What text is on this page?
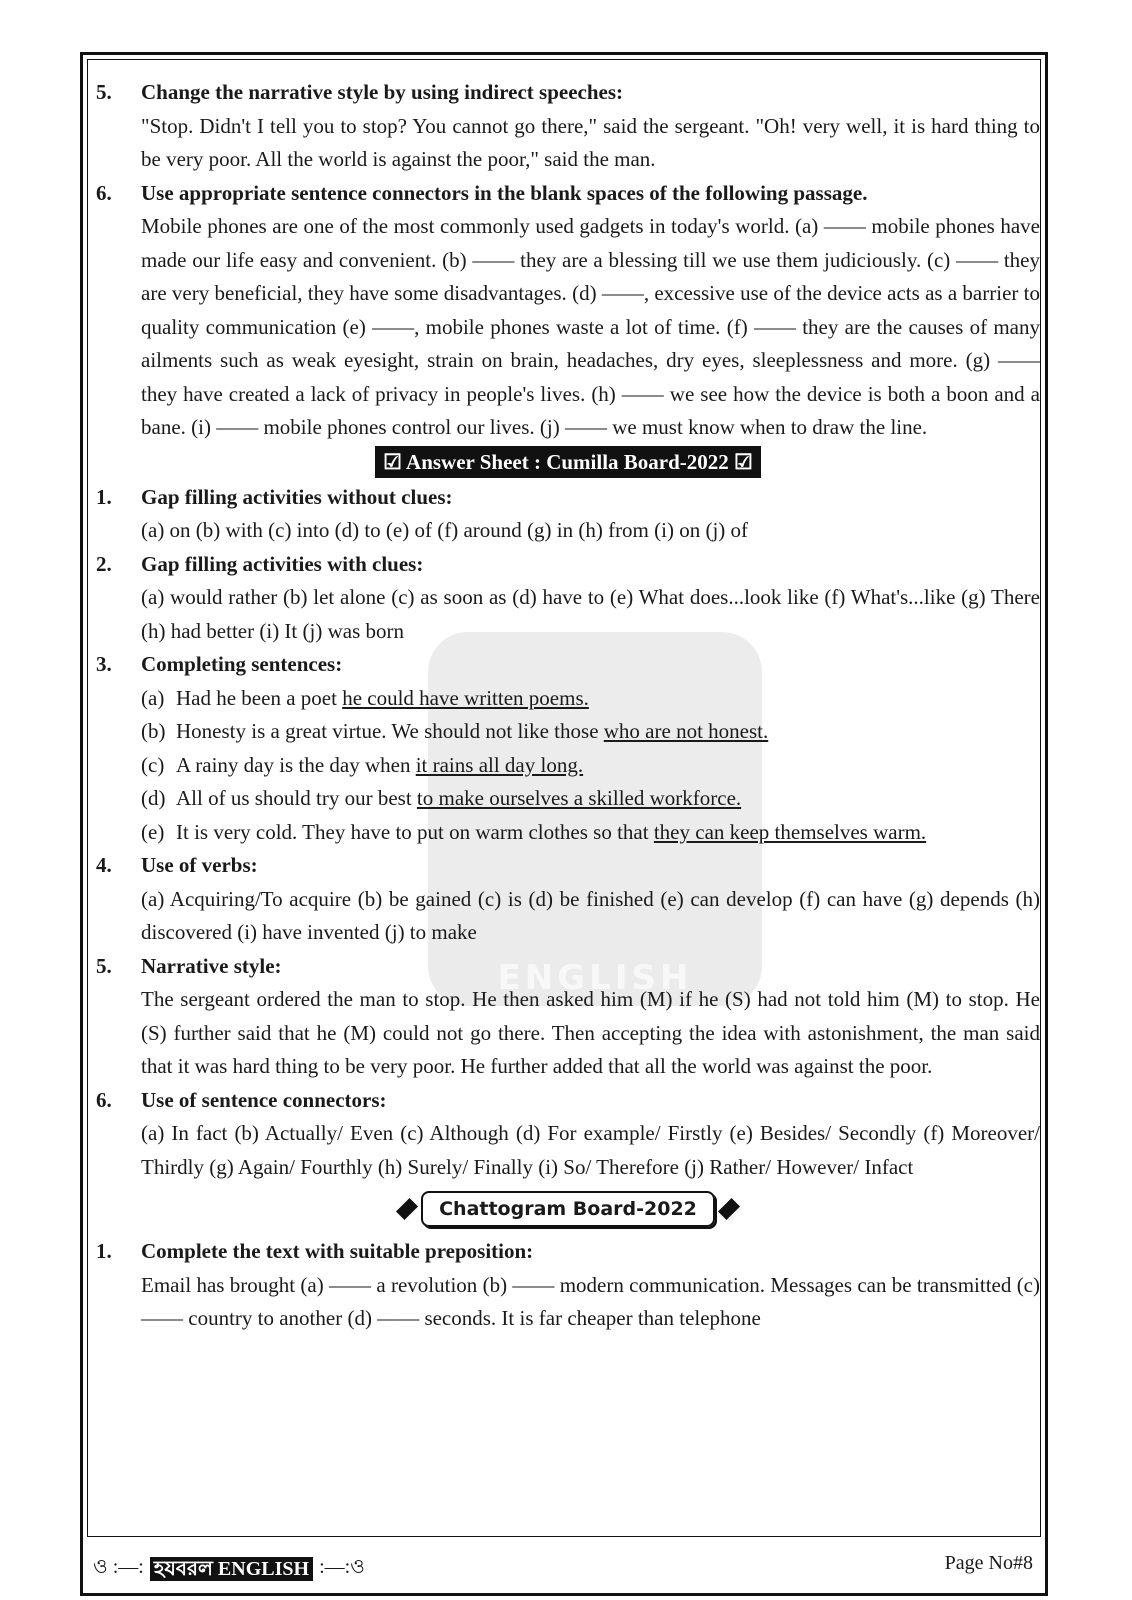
ENGLISH
5. Change the narrative style by using indirect speeches:
"Stop. Didn't I tell you to stop? You cannot go there," said the sergeant. "Oh! very well, it is hard thing to be very poor. All the world is against the poor," said the man.
6. Use appropriate sentence connectors in the blank spaces of the following passage.
Mobile phones are one of the most commonly used gadgets in today's world. (a) —— mobile phones have made our life easy and convenient. (b) —— they are a blessing till we use them judiciously. (c) —— they are very beneficial, they have some disadvantages. (d) ——, excessive use of the device acts as a barrier to quality communication (e) ——, mobile phones waste a lot of time. (f) —— they are the causes of many ailments such as weak eyesight, strain on brain, headaches, dry eyes, sleeplessness and more. (g) —— they have created a lack of privacy in people's lives. (h) —— we see how the device is both a boon and a bane. (i) —— mobile phones control our lives. (j) —— we must know when to draw the line.
☑ Answer Sheet : Cumilla Board-2022 ☑
1. Gap filling activities without clues:
(a) on (b) with (c) into (d) to (e) of (f) around (g) in (h) from (i) on (j) of
2. Gap filling activities with clues:
(a) would rather (b) let alone (c) as soon as (d) have to (e) What does...look like (f) What's...like (g) There (h) had better (i) It (j) was born
3. Completing sentences:
(a) Had he been a poet he could have written poems.
(b) Honesty is a great virtue. We should not like those who are not honest.
(c) A rainy day is the day when it rains all day long.
(d) All of us should try our best to make ourselves a skilled workforce.
(e) It is very cold. They have to put on warm clothes so that they can keep themselves warm.
4. Use of verbs:
(a) Acquiring/To acquire (b) be gained (c) is (d) be finished (e) can develop (f) can have (g) depends (h) discovered (i) have invented (j) to make
5. Narrative style:
The sergeant ordered the man to stop. He then asked him (M) if he (S) had not told him (M) to stop. He (S) further said that he (M) could not go there. Then accepting the idea with astonishment, the man said that it was hard thing to be very poor. He further added that all the world was against the poor.
6. Use of sentence connectors:
(a) In fact (b) Actually/ Even (c) Although (d) For example/ Firstly (e) Besides/ Secondly (f) Moreover/ Thirdly (g) Again/ Fourthly (h) Surely/ Finally (i) So/ Therefore (j) Rather/ However/ Infact
Chattogram Board-2022
1. Complete the text with suitable preposition:
Email has brought (a) —— a revolution (b) —— modern communication. Messages can be transmitted (c) —— country to another (d) —— seconds. It is far cheaper than telephone
ও :—: হযবরল ENGLISH :—:ও	Page No#8
